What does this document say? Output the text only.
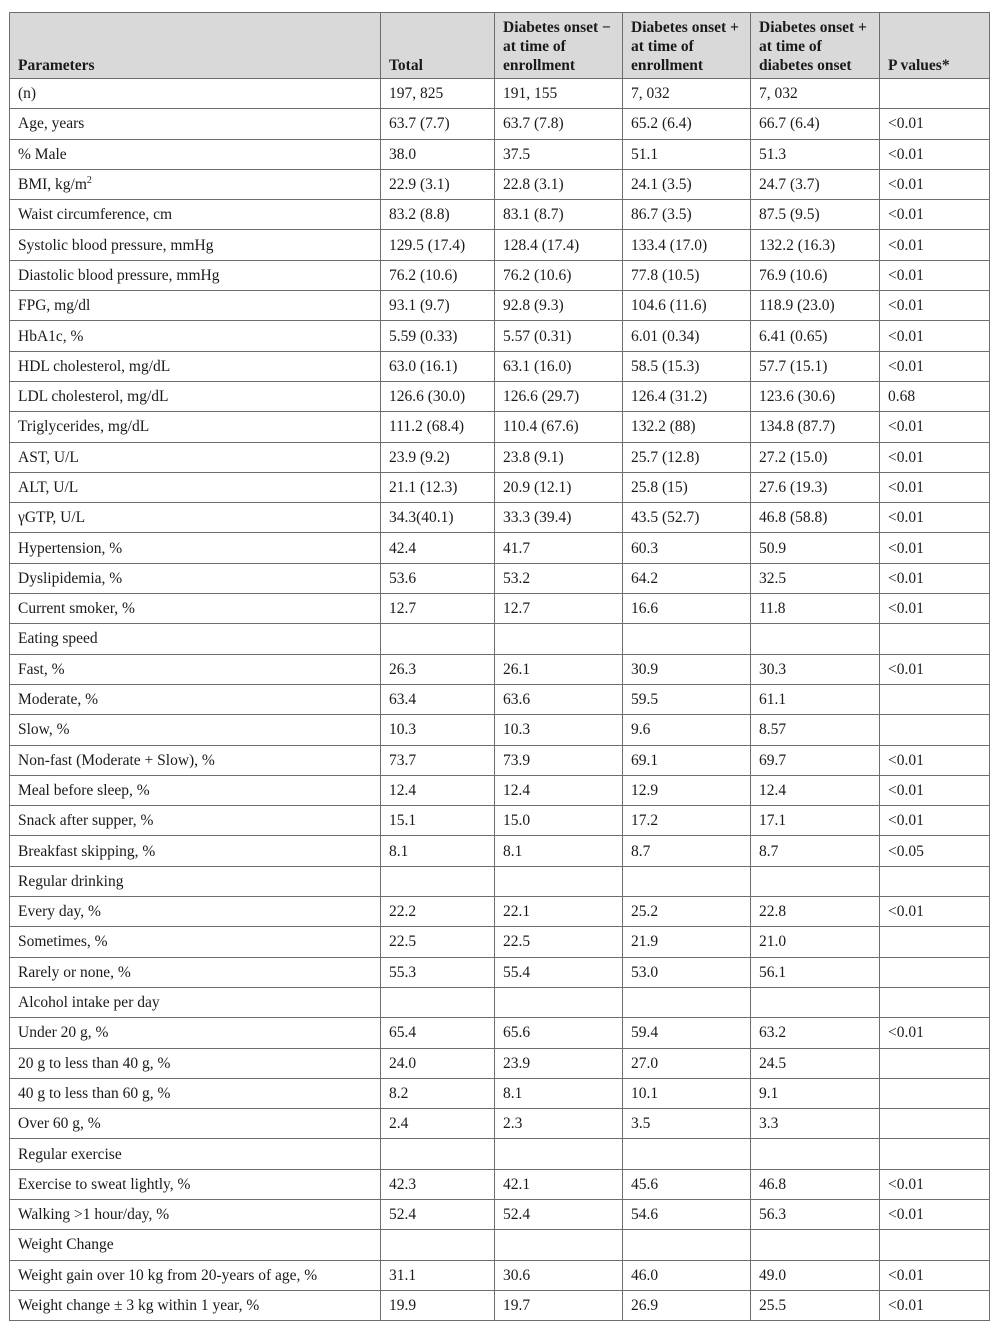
Parameters	Total	Diabetes onset − at time of enrollment	Diabetes onset + at time of enrollment	Diabetes onset + at time of diabetes onset	P values*
(n)	197, 825	191, 155	7, 032	7, 032	
Age, years	63.7 (7.7)	63.7 (7.8)	65.2 (6.4)	66.7 (6.4)	<0.01
% Male	38.0	37.5	51.1	51.3	<0.01
BMI, $kg/m^2$	22.9 (3.1)	22.8 (3.1)	24.1 (3.5)	24.7 (3.7)	<0.01
Waist circumference, cm	83.2 (8.8)	83.1 (8.7)	86.7 (3.5)	87.5 (9.5)	<0.01
Systolic blood pressure, mmHg	129.5 (17.4)	128.4 (17.4)	133.4 (17.0)	132.2 (16.3)	<0.01
Diastolic blood pressure, mmHg	76.2 (10.6)	76.2 (10.6)	77.8 (10.5)	76.9 (10.6)	<0.01
FPG, mg/dl	93.1 (9.7)	92.8 (9.3)	104.6 (11.6)	118.9 (23.0)	<0.01
HbA1c, %	5.59 (0.33)	5.57 (0.31)	6.01 (0.34)	6.41 (0.65)	<0.01
HDL cholesterol, mg/dL	63.0 (16.1)	63.1 (16.0)	58.5 (15.3)	57.7 (15.1)	<0.01
LDL cholesterol, mg/dL	126.6 (30.0)	126.6 (29.7)	126.4 (31.2)	123.6 (30.6)	0.68
Triglycerides, mg/dL	111.2 (68.4)	110.4 (67.6)	132.2 (88)	134.8 (87.7)	<0.01
AST, U/L	23.9 (9.2)	23.8 (9.1)	25.7 (12.8)	27.2 (15.0)	<0.01
ALT, U/L	21.1 (12.3)	20.9 (12.1)	25.8 (15)	27.6 (19.3)	<0.01
γGTP, U/L	34.3(40.1)	33.3 (39.4)	43.5 (52.7)	46.8 (58.8)	<0.01
Hypertension, %	42.4	41.7	60.3	50.9	<0.01
Dyslipidemia, %	53.6	53.2	64.2	32.5	<0.01
Current smoker, %	12.7	12.7	16.6	11.8	<0.01
Eating speed					
Fast, %	26.3	26.1	30.9	30.3	<0.01
Moderate, %	63.4	63.6	59.5	61.1	
Slow, %	10.3	10.3	9.6	8.57	
Non-fast (Moderate + Slow), %	73.7	73.9	69.1	69.7	<0.01
Meal before sleep, %	12.4	12.4	12.9	12.4	<0.01
Snack after supper, %	15.1	15.0	17.2	17.1	<0.01
Breakfast skipping, %	8.1	8.1	8.7	8.7	<0.05
Regular drinking					
Every day, %	22.2	22.1	25.2	22.8	<0.01
Sometimes, %	22.5	22.5	21.9	21.0	
Rarely or none, %	55.3	55.4	53.0	56.1	
Alcohol intake per day					
Under 20 g, %	65.4	65.6	59.4	63.2	<0.01
20 g to less than 40 g, %	24.0	23.9	27.0	24.5	
40 g to less than 60 g, %	8.2	8.1	10.1	9.1	
Over 60 g, %	2.4	2.3	3.5	3.3	
Regular exercise					
Exercise to sweat lightly, %	42.3	42.1	45.6	46.8	<0.01
Walking >1 hour/day, %	52.4	52.4	54.6	56.3	<0.01
Weight Change					
Weight gain over 10 kg from 20-years of age, %	31.1	30.6	46.0	49.0	<0.01
Weight change ± 3 kg within 1 year, %	19.9	19.7	26.9	25.5	<0.01
